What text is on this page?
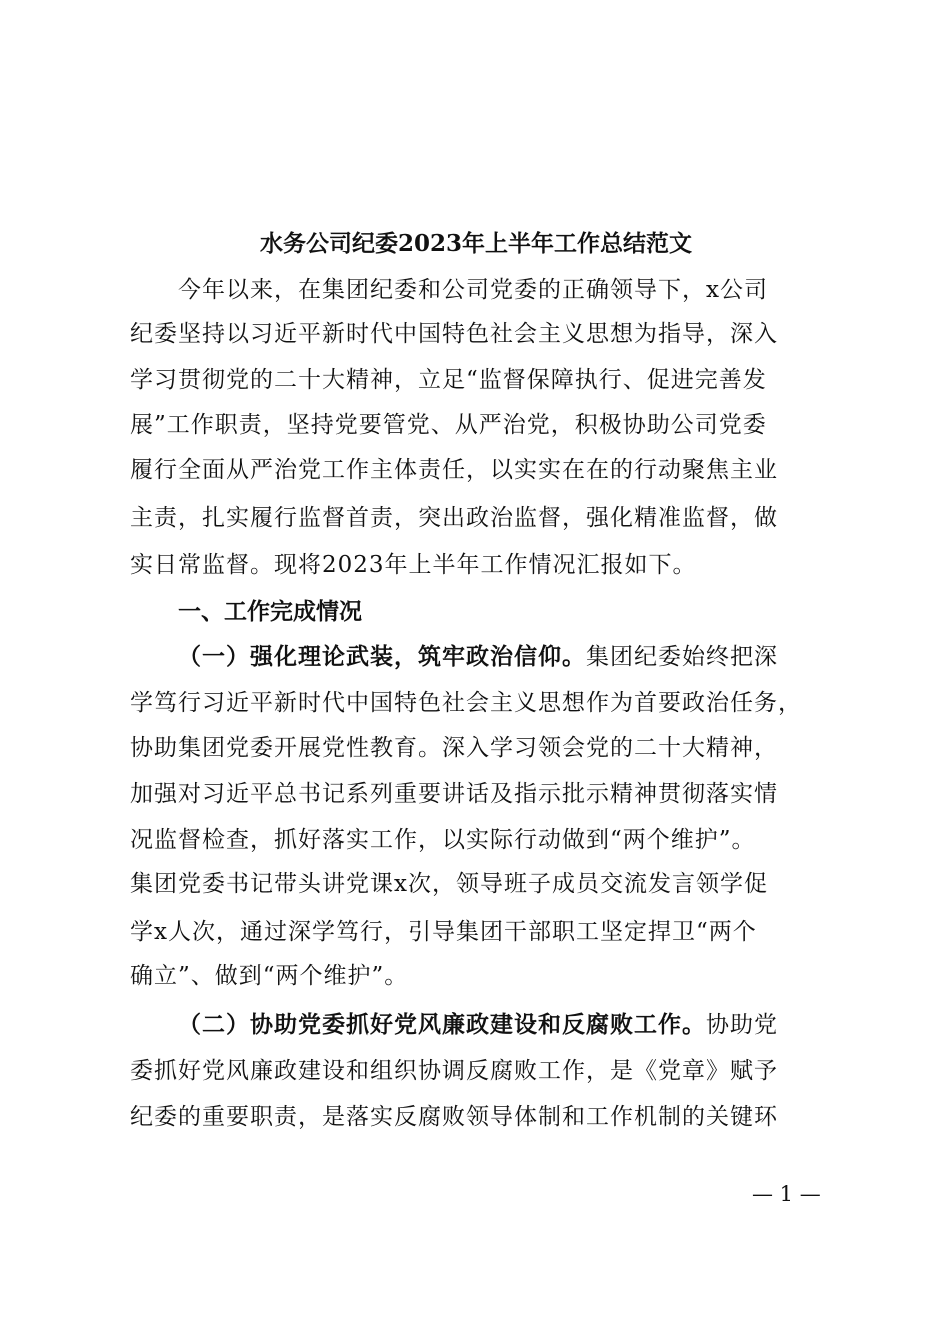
水务公司纪委2023年上半年工作总结范文
今年以来，在集团纪委和公司党委的正确领导下，x公司
纪委坚持以习近平新时代中国特色社会主义思想为指导，深入
学习贯彻党的二十大精神，立足“监督保障执行、促进完善发
展”工作职责，坚持党要管党、从严治党，积极协助公司党委
履行全面从严治党工作主体责任，以实实在在的行动聚焦主业
主责，扎实履行监督首责，突出政治监督，强化精准监督，做
实日常监督。现将2023年上半年工作情况汇报如下。
一、工作完成情况
（一）强化理论武装，筑牢政治信仰。集团纪委始终把深
学笃行习近平新时代中国特色社会主义思想作为首要政治任务，
协助集团党委开展党性教育。深入学习领会党的二十大精神，
加强对习近平总书记系列重要讲话及指示批示精神贯彻落实情
况监督检查，抓好落实工作，以实际行动做到“两个维护”。
集团党委书记带头讲党课x次，领导班子成员交流发言领学促
学x人次，通过深学笃行，引导集团干部职工坚定捍卫“两个
确立”、做到“两个维护”。
（二）协助党委抓好党风廉政建设和反腐败工作。协助党
委抓好党风廉政建设和组织协调反腐败工作，是《党章》赋予
纪委的重要职责，是落实反腐败领导体制和工作机制的关键环
— 1 —
